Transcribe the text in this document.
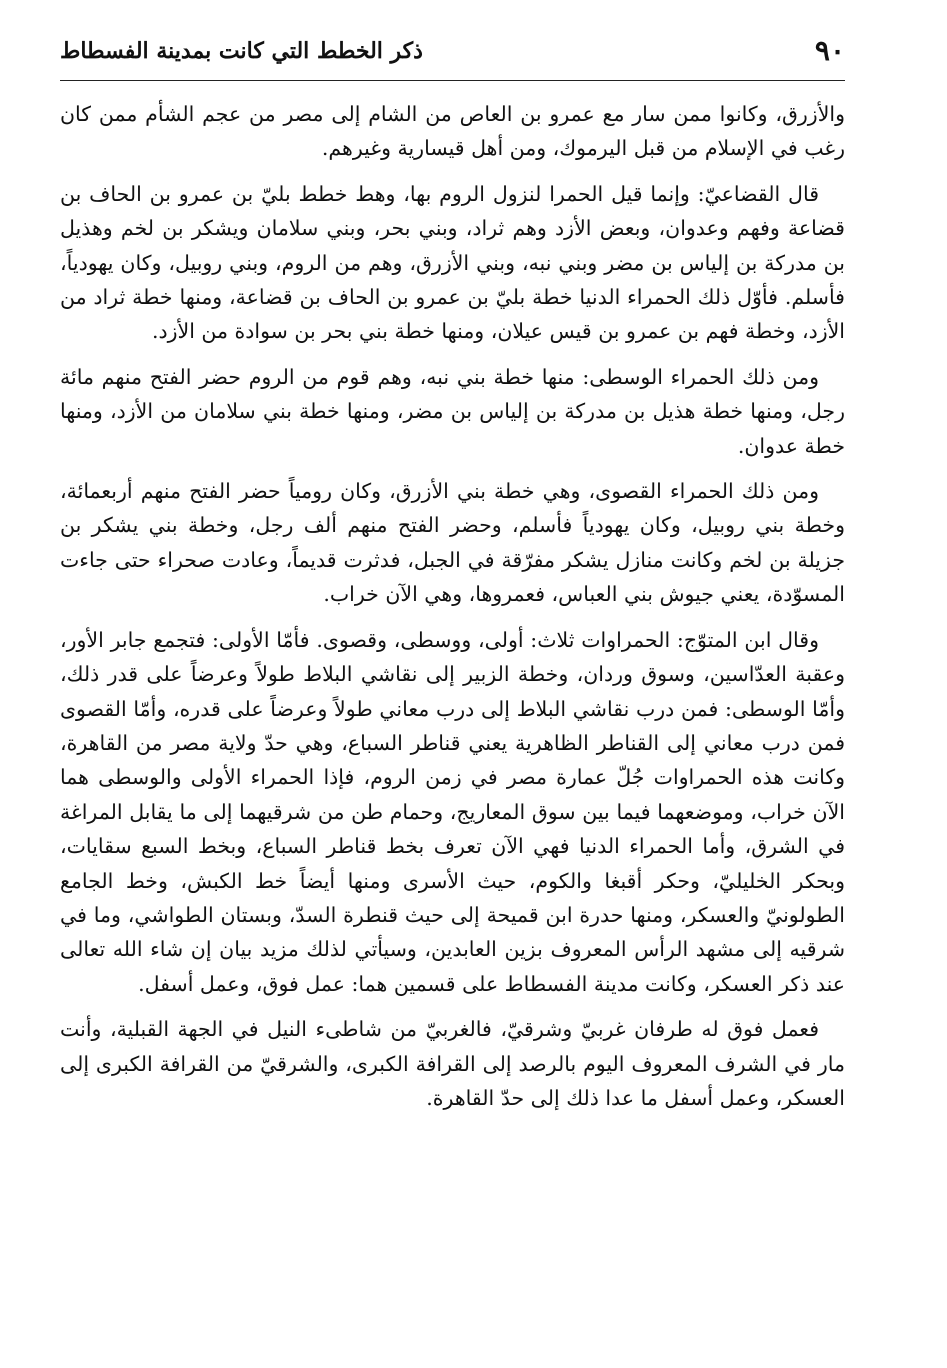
٩٠
ذكر الخطط التي كانت بمدينة الفسطاط

والأزرق، وكانوا ممن سار مع عمرو بن العاص من الشام إلى مصر من عجم الشأم ممن كان رغب في الإسلام من قبل اليرموك، ومن أهل قيسارية وغيرهم.

قال القضاعيّ: وإنما قيل الحمرا لنزول الروم بها، وهط خطط بليّ بن عمرو بن الحاف بن قضاعة وفهم وعدوان، وبعض الأزد وهم ثراد، وبني بحر، وبني سلامان ويشكر بن لخم وهذيل بن مدركة بن إلياس بن مضر وبني نبه، وبني الأزرق، وهم من الروم، وبني روبيل، وكان يهودياً، فأسلم. فأوّل ذلك الحمراء الدنيا خطة بليّ بن عمرو بن الحاف بن قضاعة، ومنها خطة ثراد من الأزد، وخطة فهم بن عمرو بن قيس عيلان، ومنها خطة بني بحر بن سوادة من الأزد.

ومن ذلك الحمراء الوسطى: منها خطة بني نبه، وهم قوم من الروم حضر الفتح منهم مائة رجل، ومنها خطة هذيل بن مدركة بن إلياس بن مضر، ومنها خطة بني سلامان من الأزد، ومنها خطة عدوان.

ومن ذلك الحمراء القصوى، وهي خطة بني الأزرق، وكان رومياً حضر الفتح منهم أربعمائة، وخطة بني روبيل، وكان يهودياً فأسلم، وحضر الفتح منهم ألف رجل، وخطة بني يشكر بن جزيلة بن لخم وكانت منازل يشكر مفرّقة في الجبل، فدثرت قديماً، وعادت صحراء حتى جاءت المسوّدة، يعني جيوش بني العباس، فعمروها، وهي الآن خراب.

وقال ابن المتوّج: الحمراوات ثلاث: أولى، ووسطى، وقصوى. فأمّا الأولى: فتجمع جابر الأور، وعقبة العدّاسين، وسوق وردان، وخطة الزبير إلى نقاشي البلاط طولاً وعرضاً على قدر ذلك، وأمّا الوسطى: فمن درب نقاشي البلاط إلى درب معاني طولاً وعرضاً على قدره، وأمّا القصوى فمن درب معاني إلى القناطر الظاهرية يعني قناطر السباع، وهي حدّ ولاية مصر من القاهرة، وكانت هذه الحمراوات جُلّ عمارة مصر في زمن الروم، فإذا الحمراء الأولى والوسطى هما الآن خراب، وموضعهما فيما بين سوق المعاريج، وحمام طن من شرقيهما إلى ما يقابل المراغة في الشرق، وأما الحمراء الدنيا فهي الآن تعرف بخط قناطر السباع، وبخط السبع سقايات، وبحكر الخليليّ، وحكر أقبغا والكوم، حيث الأسرى ومنها أيضاً خط الكبش، وخط الجامع الطولونيّ والعسكر، ومنها حدرة ابن قميحة إلى حيث قنطرة السدّ، وبستان الطواشي، وما في شرقيه إلى مشهد الرأس المعروف بزين العابدين، وسيأتي لذلك مزيد بيان إن شاء الله تعالى عند ذكر العسكر، وكانت مدينة الفسطاط على قسمين هما: عمل فوق، وعمل أسفل.

فعمل فوق له طرفان غربيّ وشرقيّ، فالغربيّ من شاطىء النيل في الجهة القبلية، وأنت مار في الشرف المعروف اليوم بالرصد إلى القرافة الكبرى، والشرقيّ من القرافة الكبرى إلى العسكر، وعمل أسفل ما عدا ذلك إلى حدّ القاهرة.
